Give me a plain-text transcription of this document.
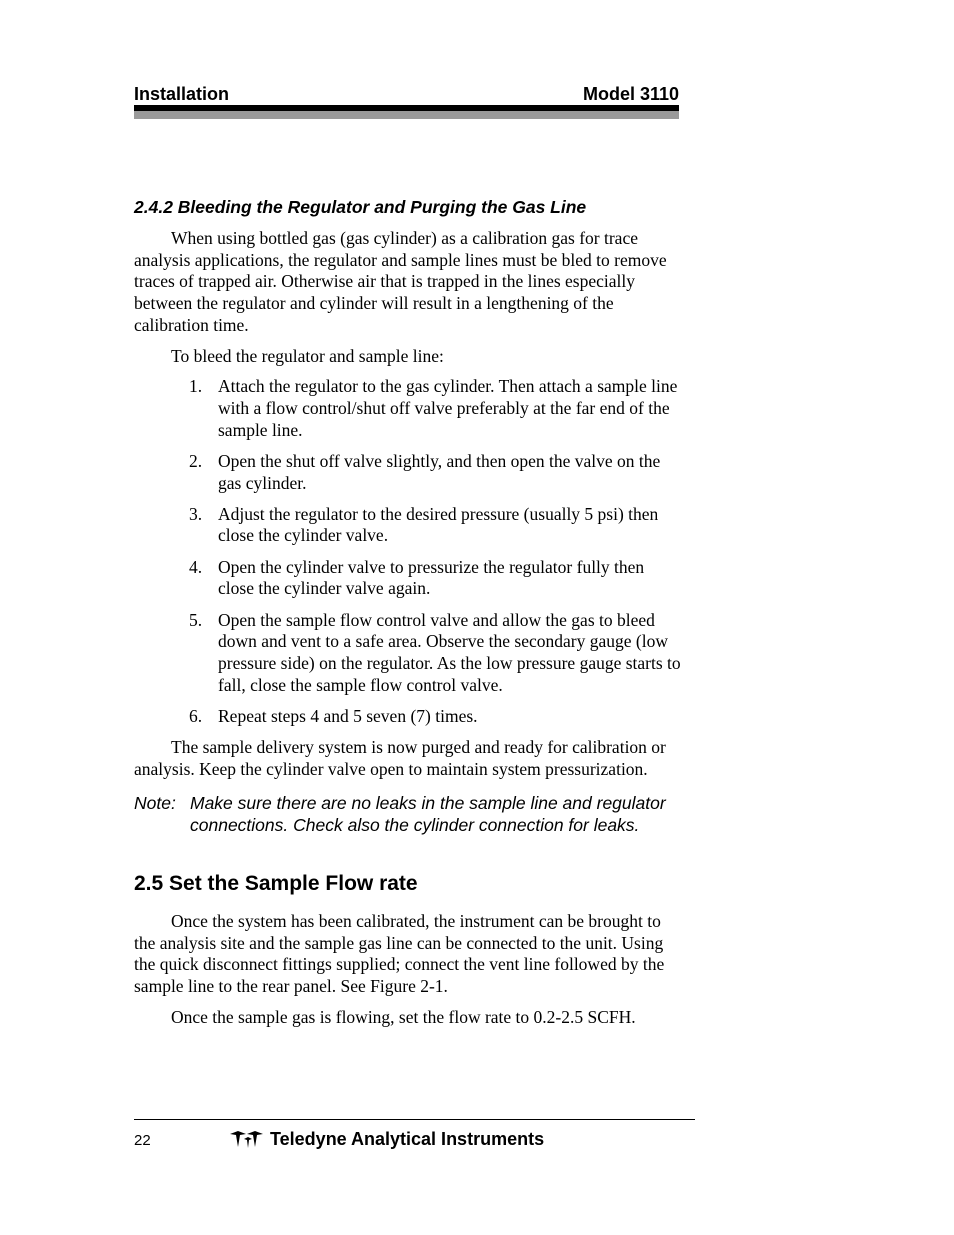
Installation	Model 3110
2.4.2 Bleeding the Regulator and Purging the Gas Line

When using bottled gas (gas cylinder) as a calibration gas for trace analysis applications, the regulator and sample lines must be bled to remove traces of trapped air. Otherwise air that is trapped in the lines especially between the regulator and cylinder will result in a lengthening of the calibration time.

To bleed the regulator and sample line:

1. Attach the regulator to the gas cylinder. Then attach a sample line with a flow control/shut off valve preferably at the far end of the sample line.
2. Open the shut off valve slightly, and then open the valve on the gas cylinder.
3. Adjust the regulator to the desired pressure (usually 5 psi) then close the cylinder valve.
4. Open the cylinder valve to pressurize the regulator fully then close the cylinder valve again.
5. Open the sample flow control valve and allow the gas to bleed down and vent to a safe area. Observe the secondary gauge (low pressure side) on the regulator. As the low pressure gauge starts to fall, close the sample flow control valve.
6. Repeat steps 4 and 5 seven (7) times.

The sample delivery system is now purged and ready for calibration or analysis. Keep the cylinder valve open to maintain system pressurization.

Note: Make sure there are no leaks in the sample line and regulator connections. Check also the cylinder connection for leaks.
2.5 Set the Sample Flow rate

Once the system has been calibrated, the instrument can be brought to the analysis site and the sample gas line can be connected to the unit. Using the quick disconnect fittings supplied; connect the vent line followed by the sample line to the rear panel. See Figure 2-1.

Once the sample gas is flowing, set the flow rate to 0.2-2.5 SCFH.

22	Teledyne Analytical Instruments
